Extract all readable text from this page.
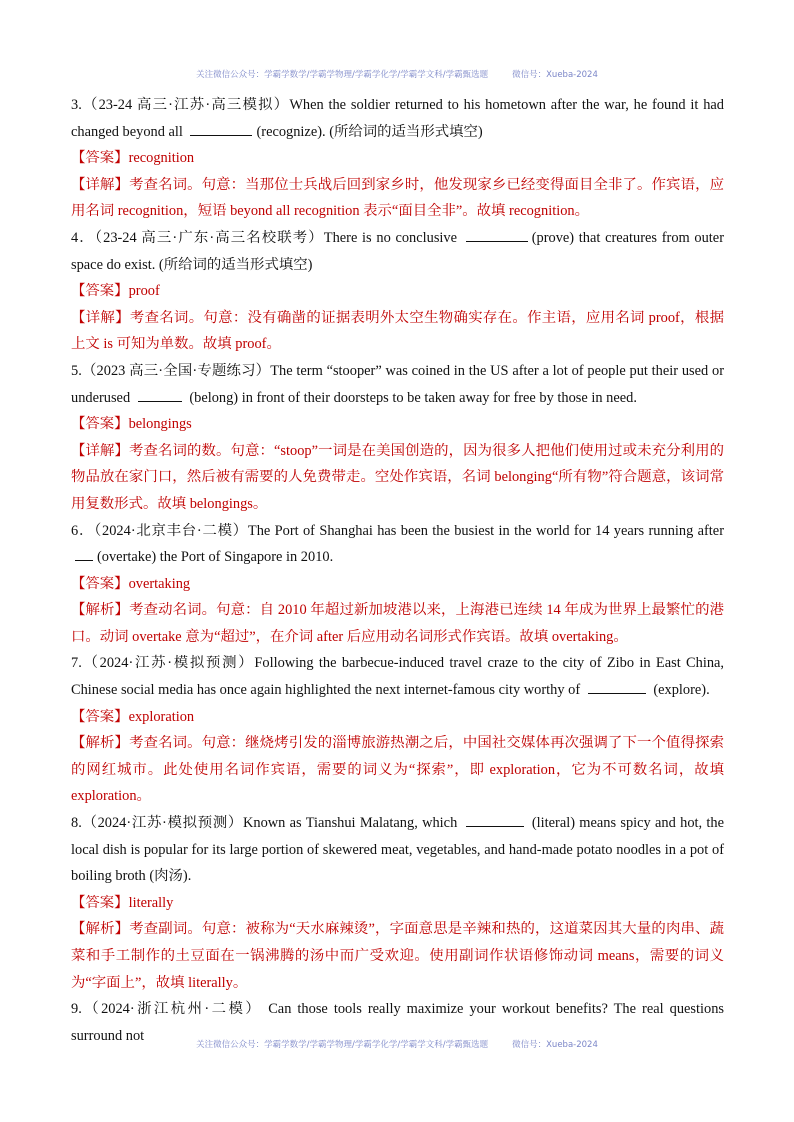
关注微信公众号：学霸学数学/学霸学物理/学霸学化学/学霸学文科/学霸甄选题	微信号：Xueba-2024

3.（23-24 高三·江苏·高三模拟）When the soldier returned to his hometown after the war, he found it had changed beyond all	(recognize). (所给词的适当形式填空)

【答案】recognition

【详解】考查名词。句意：当那位士兵战后回到家乡时，他发现家乡已经变得面目全非了。作宾语，应用名词 recognition，短语 beyond all recognition 表示“面目全非”。故填 recognition。

4．（23-24 高三·广东·高三名校联考）There is no conclusive	(prove) that creatures from outer space do exist. (所给词的适当形式填空)

【答案】proof

【详解】考查名词。句意：没有确凿的证据表明外太空生物确实存在。作主语，应用名词 proof，根据上文 is 可知为单数。故填 proof。

5.（2023 高三·全国·专题练习）The term “stooper” was coined in the US after a lot of people put their used or underused	(belong) in front of their doorsteps to be taken away for free by those in need.

【答案】belongings

【详解】考查名词的数。句意：“stoop”一词是在美国创造的，因为很多人把他们使用过或未充分利用的物品放在家门口，然后被有需要的人免费带走。空处作宾语，名词 belonging“所有物”符合题意，该词常用复数形式。故填 belongings。

6．（2024·北京丰台·二模）The Port of Shanghai has been the busiest in the world for 14 years running after (overtake) the Port of Singapore in 2010.

【答案】overtaking

【解析】考查动名词。句意：自 2010 年超过新加坡港以来，上海港已连续 14 年成为世界上最繁忙的港口。动词 overtake 意为“超过”，在介词 after 后应用动名词形式作宾语。故填 overtaking。

7.（2024·江苏·模拟预测）Following the barbecue-induced travel craze to the city of Zibo in East China, Chinese social media has once again highlighted the next internet-famous city worthy of	(explore).

【答案】exploration

【解析】考查名词。句意：继烧烤引发的淄博旅游热潮之后，中国社交媒体再次强调了下一个值得探索的网红城市。此处使用名词作宾语，需要的词义为“探索”，即 exploration，它为不可数名词，故填 exploration。

8.（2024·江苏·模拟预测）Known as Tianshui Malatang, which	(literal) means spicy and hot, the local dish is popular for its large portion of skewered meat, vegetables, and hand-made potato noodles in a pot of boiling broth (肉汤).

【答案】literally

【解析】考查副词。句意：被称为“天水麻辣烫”，字面意思是辛辣和热的，这道菜因其大量的肉串、蔬菜和手工制作的土豆面在一锅沸腾的汤中而广受欢迎。使用副词作状语修饰动词 means，需要的词义为“字面上”，故填 literally。

9.（2024·浙江杭州·二模） Can those tools really maximize your workout benefits? The real questions surround not

关注微信公众号：学霸学数学/学霸学物理/学霸学化学/学霸学文科/学霸甄选题	微信号：Xueba-2024
